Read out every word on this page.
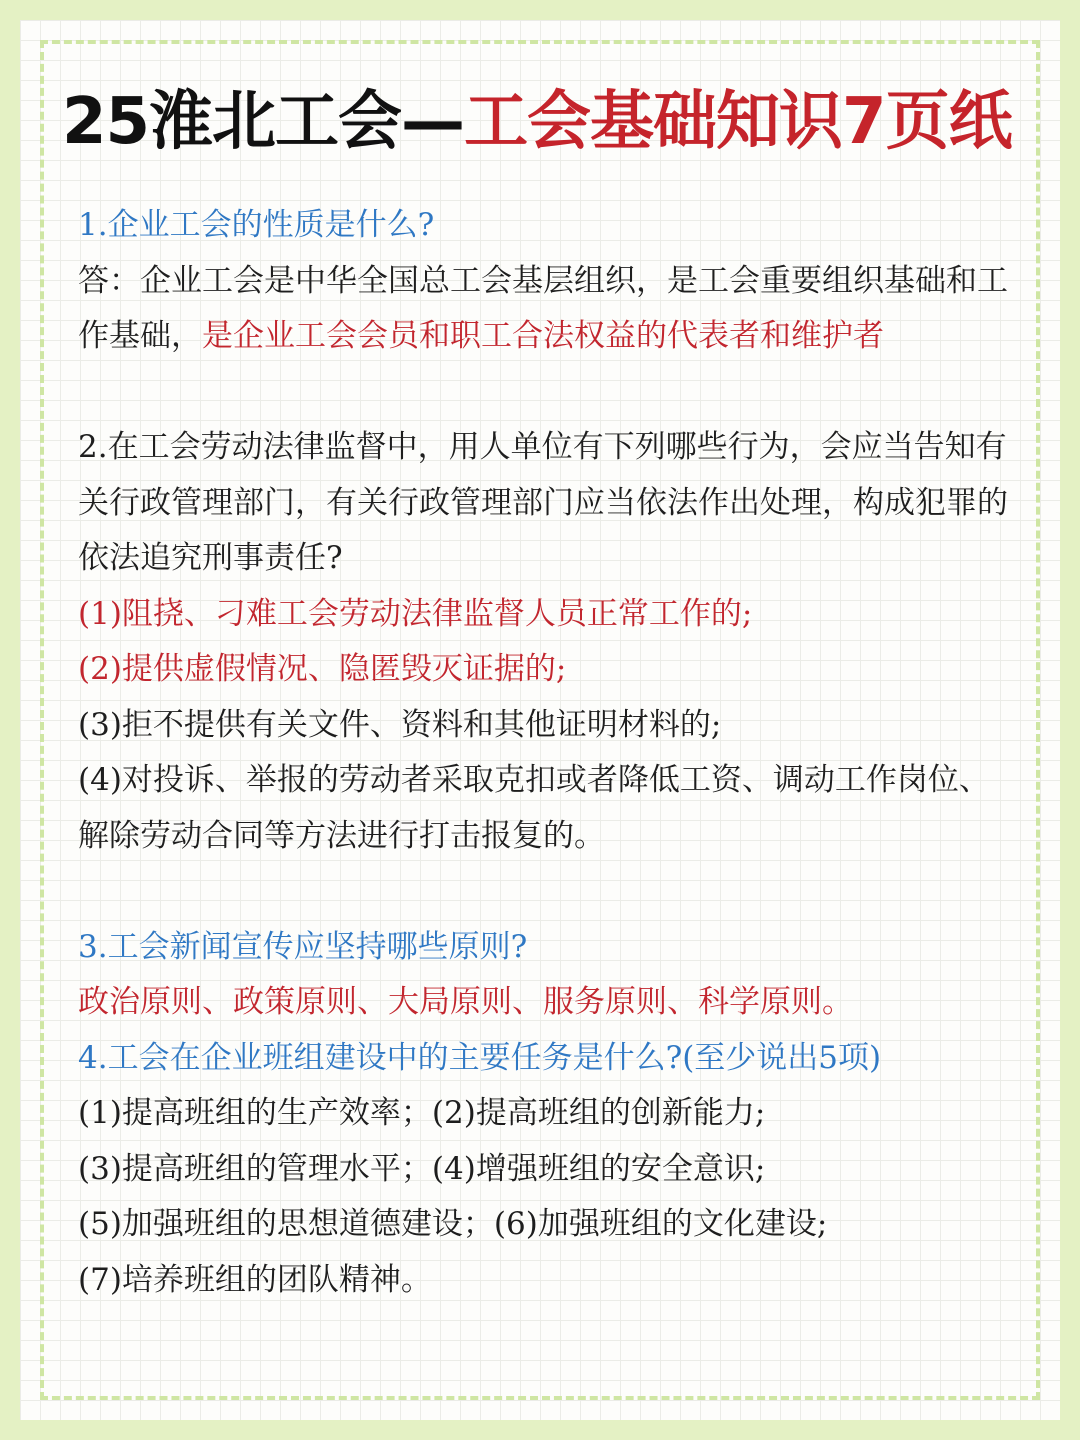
25淮北工会—工会基础知识7页纸

1.企业工会的性质是什么?

答：企业工会是中华全国总工会基层组织，是工会重要组织基础和工作基础，是企业工会会员和职工合法权益的代表者和维护者

2.在工会劳动法律监督中，用人单位有下列哪些行为，会应当告知有关行政管理部门，有关行政管理部门应当依法作出处理，构成犯罪的依法追究刑事责任?

(1)阻挠、刁难工会劳动法律监督人员正常工作的;

(2)提供虚假情况、隐匿毁灭证据的;

(3)拒不提供有关文件、资料和其他证明材料的;

(4)对投诉、举报的劳动者采取克扣或者降低工资、调动工作岗位、解除劳动合同等方法进行打击报复的。

3.工会新闻宣传应坚持哪些原则?

政治原则、政策原则、大局原则、服务原则、科学原则。

4.工会在企业班组建设中的主要任务是什么?(至少说出5项)

(1)提高班组的生产效率；(2)提高班组的创新能力;

(3)提高班组的管理水平；(4)增强班组的安全意识;

(5)加强班组的思想道德建设；(6)加强班组的文化建设;

(7)培养班组的团队精神。
